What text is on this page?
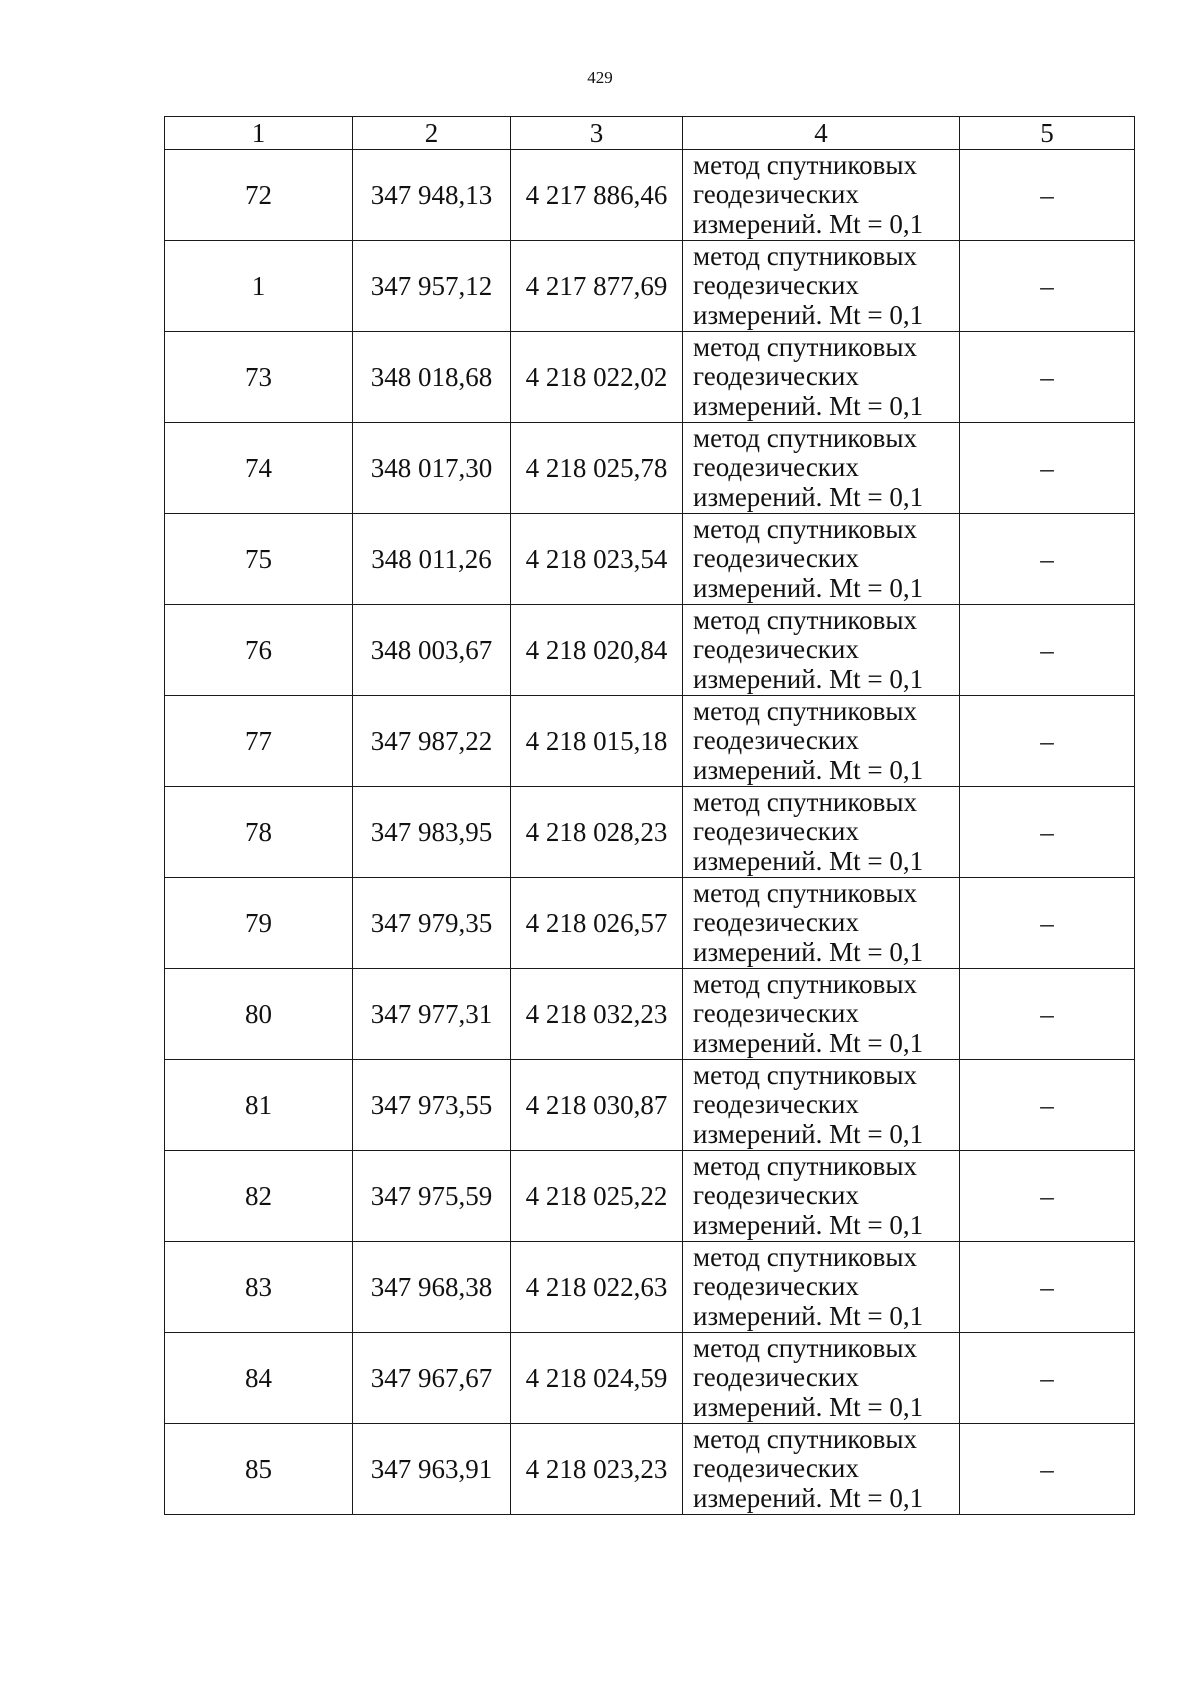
429
1	2	3	4	5
72	347 948,13	4 217 886,46	метод спутниковых
геодезических
измерений. Mt = 0,1	–
1	347 957,12	4 217 877,69	метод спутниковых
геодезических
измерений. Mt = 0,1	–
73	348 018,68	4 218 022,02	метод спутниковых
геодезических
измерений. Mt = 0,1	–
74	348 017,30	4 218 025,78	метод спутниковых
геодезических
измерений. Mt = 0,1	–
75	348 011,26	4 218 023,54	метод спутниковых
геодезических
измерений. Mt = 0,1	–
76	348 003,67	4 218 020,84	метод спутниковых
геодезических
измерений. Mt = 0,1	–
77	347 987,22	4 218 015,18	метод спутниковых
геодезических
измерений. Mt = 0,1	–
78	347 983,95	4 218 028,23	метод спутниковых
геодезических
измерений. Mt = 0,1	–
79	347 979,35	4 218 026,57	метод спутниковых
геодезических
измерений. Mt = 0,1	–
80	347 977,31	4 218 032,23	метод спутниковых
геодезических
измерений. Mt = 0,1	–
81	347 973,55	4 218 030,87	метод спутниковых
геодезических
измерений. Mt = 0,1	–
82	347 975,59	4 218 025,22	метод спутниковых
геодезических
измерений. Mt = 0,1	–
83	347 968,38	4 218 022,63	метод спутниковых
геодезических
измерений. Mt = 0,1	–
84	347 967,67	4 218 024,59	метод спутниковых
геодезических
измерений. Mt = 0,1	–
85	347 963,91	4 218 023,23	метод спутниковых
геодезических
измерений. Mt = 0,1	–
